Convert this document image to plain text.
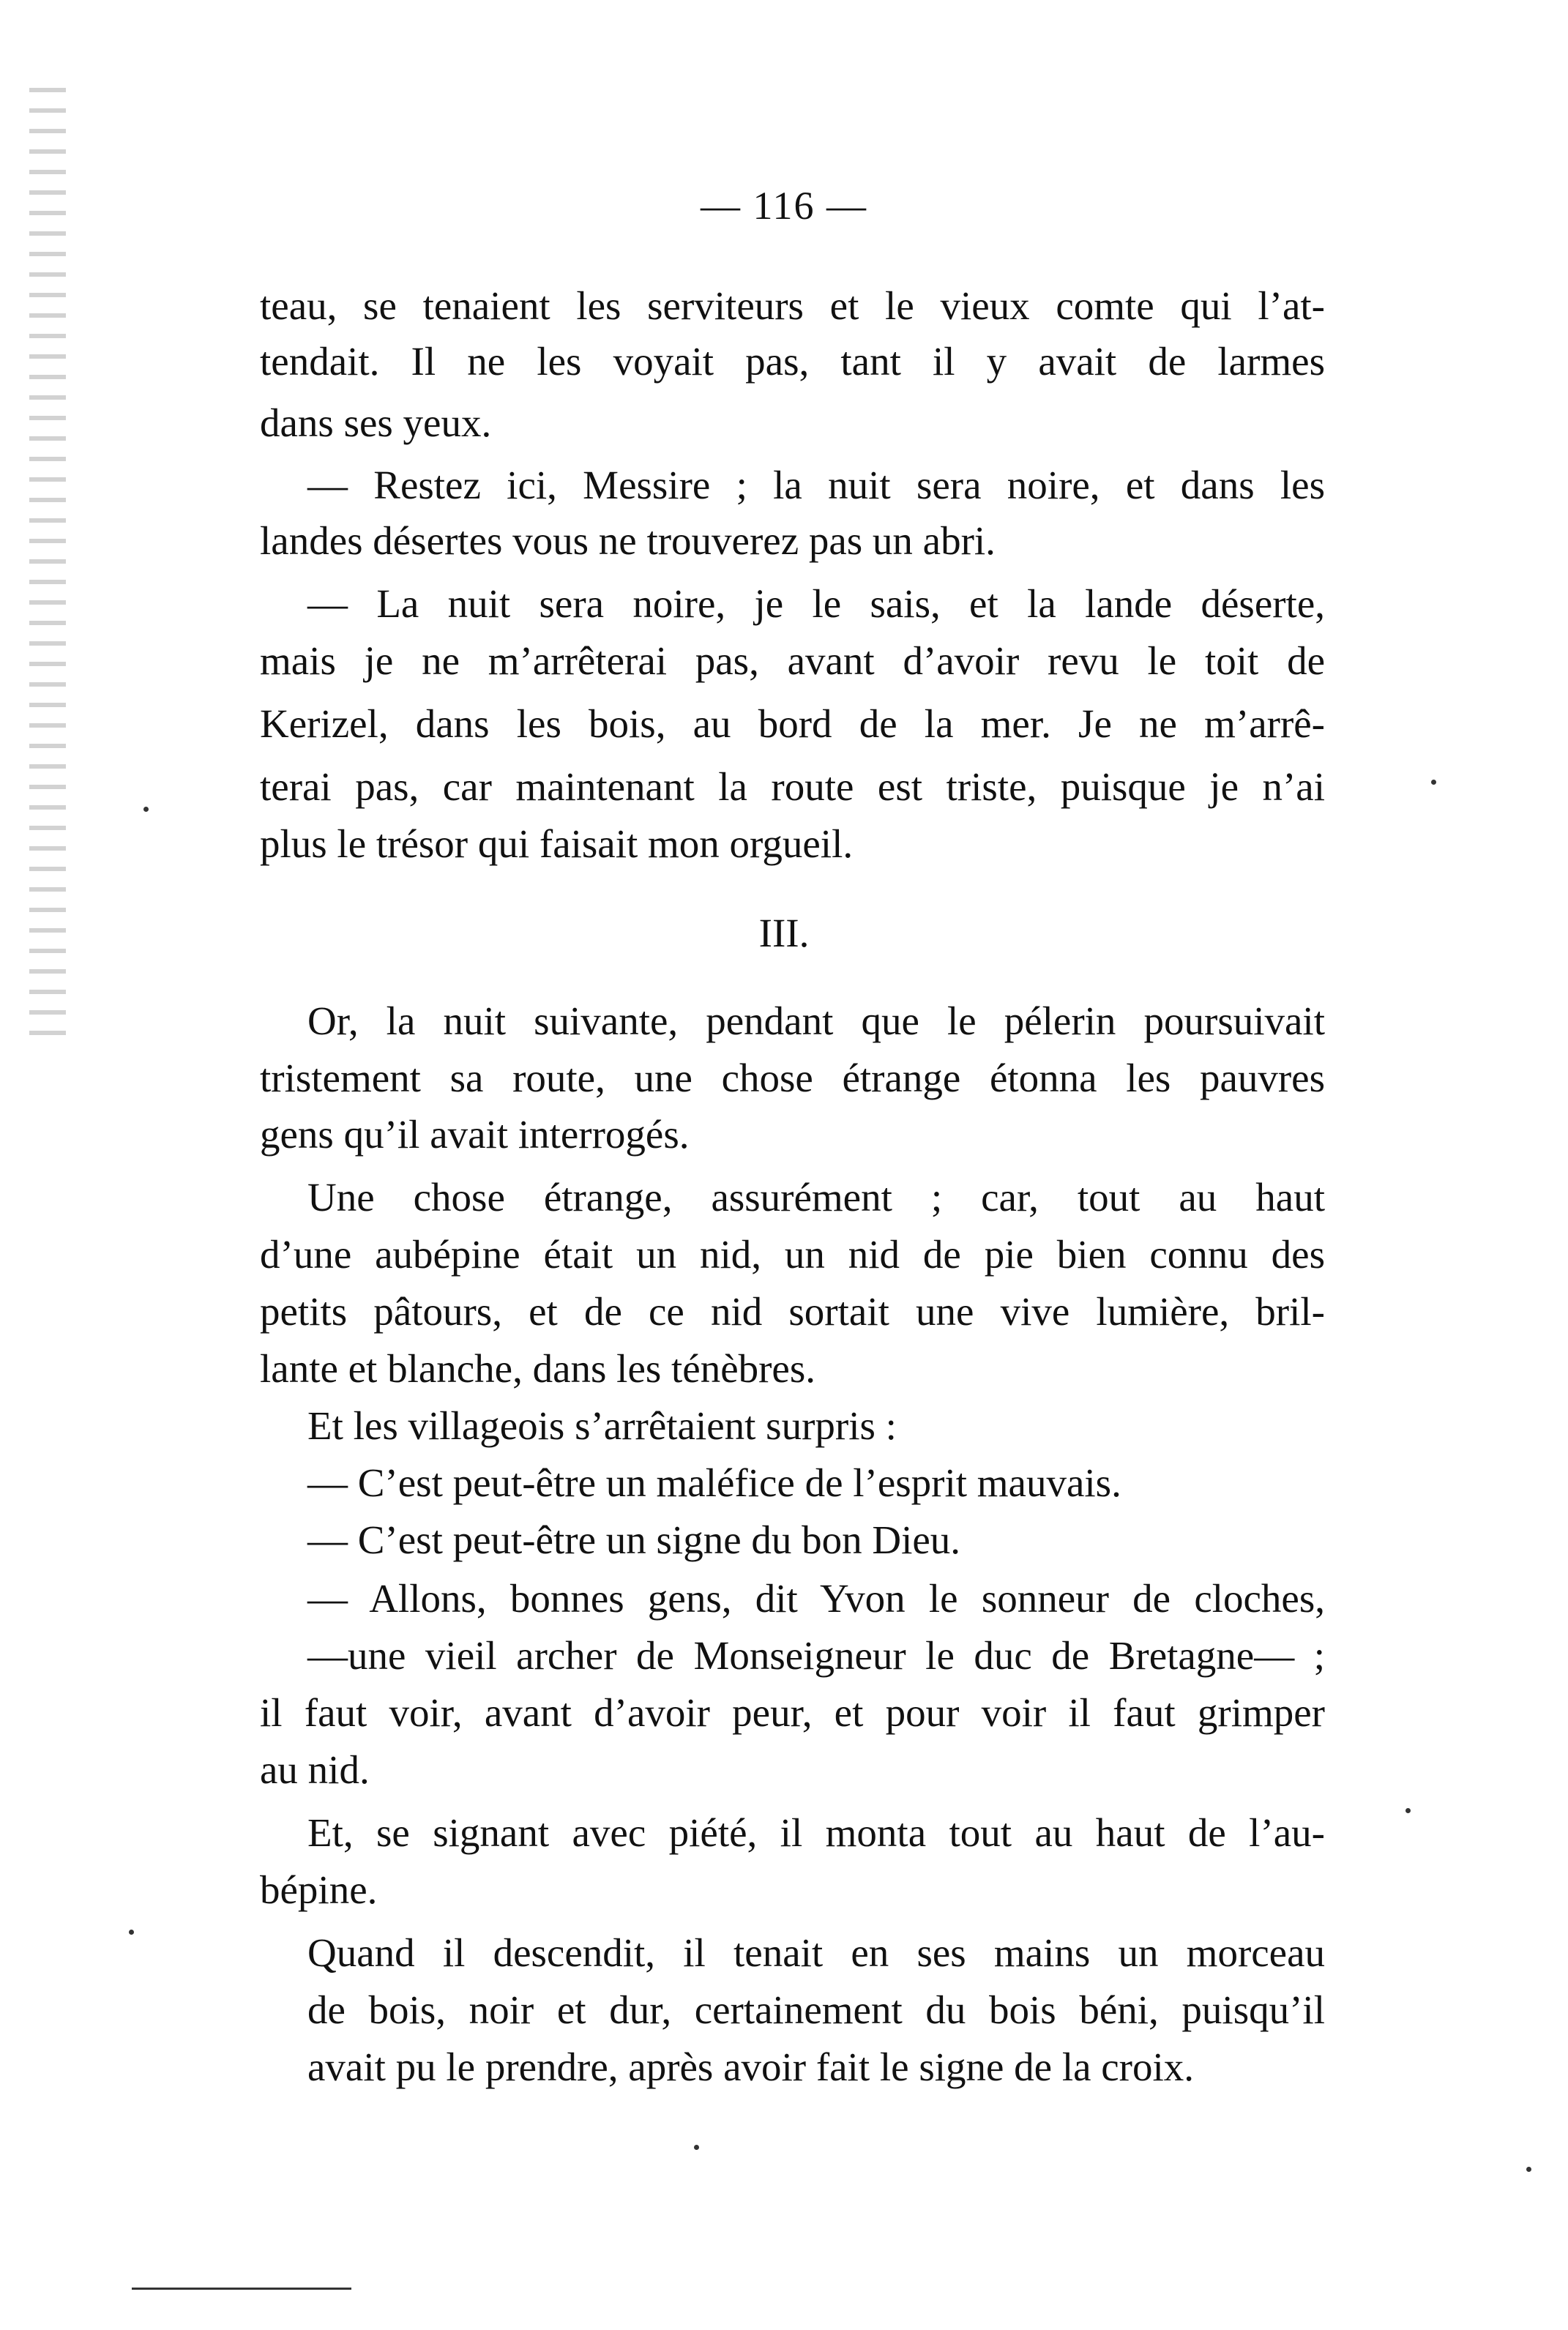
— 116 —
teau, se tenaient les serviteurs et le vieux comte qui l’at-
tendait. Il ne les voyait pas, tant il y avait de larmes
dans ses yeux.
— Restez ici, Messire ; la nuit sera noire, et dans les
landes désertes vous ne trouverez pas un abri.
— La nuit sera noire, je le sais, et la lande déserte,
mais je ne m’arrêterai pas, avant d’avoir revu le toit de
Kerizel, dans les bois, au bord de la mer. Je ne m’arrê-
terai pas, car maintenant la route est triste, puisque je n’ai
plus le trésor qui faisait mon orgueil.
III.
Or, la nuit suivante, pendant que le pélerin poursuivait
tristement sa route, une chose étrange étonna les pauvres
gens qu’il avait interrogés.
Une chose étrange, assurément ; car, tout au haut
d’une aubépine était un nid, un nid de pie bien connu des
petits pâtours, et de ce nid sortait une vive lumière, bril-
lante et blanche, dans les ténèbres.
Et les villageois s’arrêtaient surpris :
— C’est peut-être un maléfice de l’esprit mauvais.
— C’est peut-être un signe du bon Dieu.
— Allons, bonnes gens, dit Yvon le sonneur de cloches,
—une vieil archer de Monseigneur le duc de Bretagne— ;
il faut voir, avant d’avoir peur, et pour voir il faut grimper
au nid.
Et, se signant avec piété, il monta tout au haut de l’au-
bépine.
Quand il descendit, il tenait en ses mains un morceau
de bois, noir et dur, certainement du bois béni, puisqu’il
avait pu le prendre, après avoir fait le signe de la croix.
